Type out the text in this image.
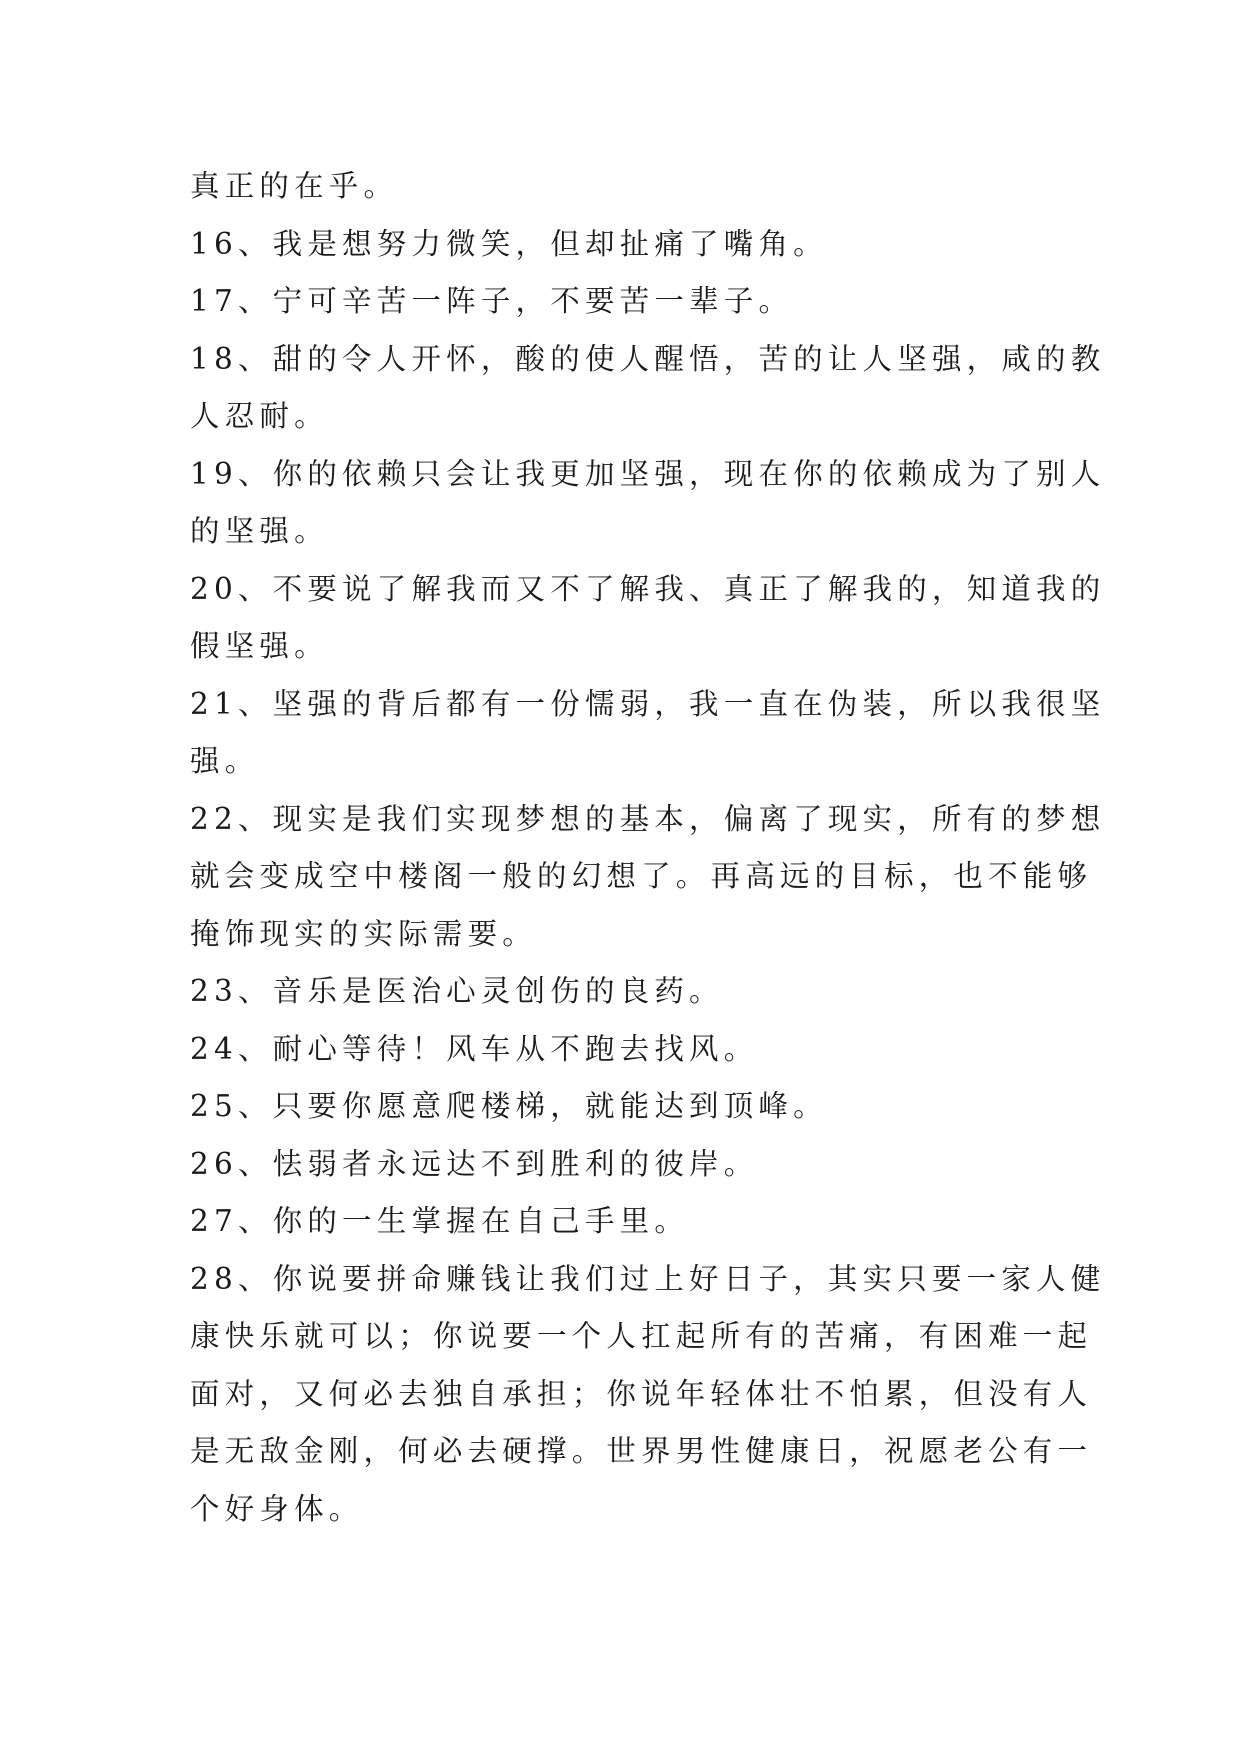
真正的在乎。
16、我是想努力微笑，但却扯痛了嘴角。
17、宁可辛苦一阵子，不要苦一辈子。
18、甜的令人开怀，酸的使人醒悟，苦的让人坚强，咸的教
人忍耐。
19、你的依赖只会让我更加坚强，现在你的依赖成为了别人
的坚强。
20、不要说了解我而又不了解我、真正了解我的，知道我的
假坚强。
21、坚强的背后都有一份懦弱，我一直在伪装，所以我很坚
强。
22、现实是我们实现梦想的基本，偏离了现实，所有的梦想
就会变成空中楼阁一般的幻想了。再高远的目标，也不能够
掩饰现实的实际需要。
23、音乐是医治心灵创伤的良药。
24、耐心等待！风车从不跑去找风。
25、只要你愿意爬楼梯，就能达到顶峰。
26、怯弱者永远达不到胜利的彼岸。
27、你的一生掌握在自己手里。
28、你说要拼命赚钱让我们过上好日子，其实只要一家人健
康快乐就可以；你说要一个人扛起所有的苦痛，有困难一起
面对，又何必去独自承担；你说年轻体壮不怕累，但没有人
是无敌金刚，何必去硬撑。世界男性健康日，祝愿老公有一
个好身体。
